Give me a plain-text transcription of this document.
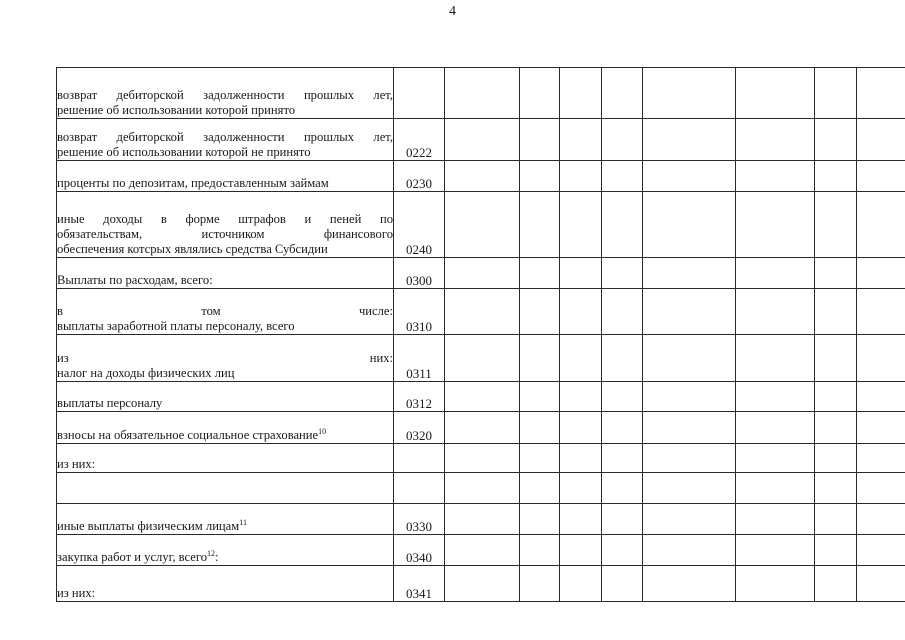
4
возврат дебиторской задолженности прошлых лет,
решение об использовании которой принято									

возврат дебиторской задолженности прошлых лет,
решение об использовании которой не принято	0222								

проценты по депозитам, предоставленным займам	0230								

иные доходы в форме штрафов и пеней по
обязательствам, источником финансового
обеспечения котсрых являлись средства Субсидии	0240								

Выплаты по расходам, всего:	0300								

в том числе:
выплаты заработной платы персоналу, всего	0310								

из них:
налог на доходы физических лиц	0311								

выплаты персоналу	0312								
взносы на обязательное социальное страхование$^{10}$	0320								

из них:									

иные выплаты физическим лицам$^{11}$	0330								
закупка работ и услуг, всего$^{12}$:	0340								

из них:	0341								
